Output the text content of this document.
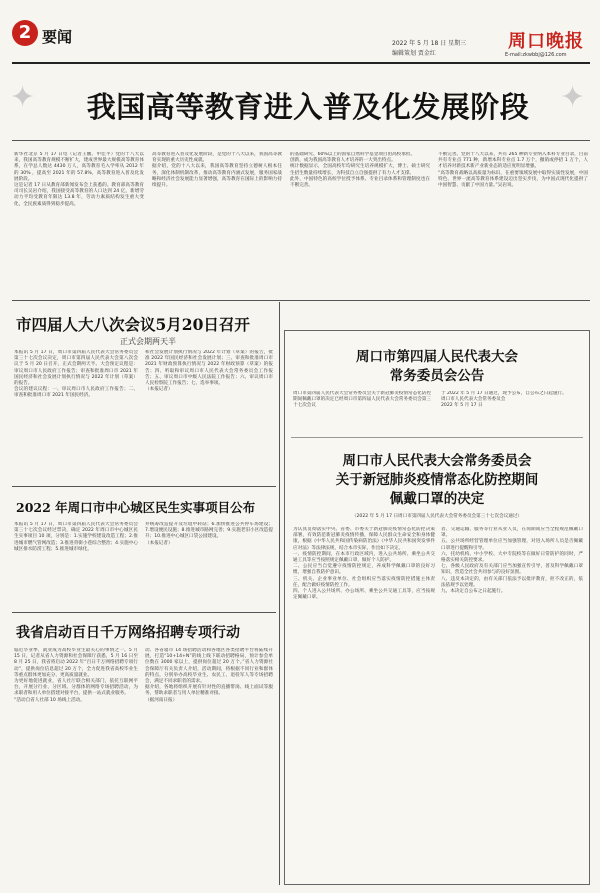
2 要闻	2022 年 5 月 18 日 星期三
编辑策划 贾金红
周口晚报
E-mail:zkwbbj@126.com
✦	✦
我国高等教育进入普及化发展阶段
新华社北京 5 月 17 日电（记者王鹏、申佳平）党的十八大以来，我国高等教育规模不断扩大，建成世界最大规模高等教育体系，在学总人数达 4430 万人，高等教育毛入学率从 2012 年的 30% ，提高至 2021 年的 57.8%，高等教育进入普及化发展阶段。
这是记者 17 日从教育部新闻发布会上获悉的。教育部高等教育司司长吴岩介绍，我国接受高等教育的人口达到 24 亿，新增劳动力平均受教育年限达 13.8 年，劳动力素质结构发生重大变化，全民族素质得到稳步提高。
高等教育进入普及化发展阶段，是党的十八大以来，我国高等教育实现的重大历史性成就。
据介绍，党的十八大以来，我国高等教育坚持立德树人根本任务，深化体制机制改革，推动高等教育内涵式发展，服务国家战略和经济社会发展能力显著增强，高等教育在国际上的影响力持续提升。
的基础研究、60%以上的国家自然科学基金项目由高校承担。
创新，成为我国高等教育人才培养的一大突出特点。
统计数据显示，全国高校年均研究生培养规模扩大，博士、硕士研究生招生数量持续增长，为科技自立自强提供了有力人才支撑。
此外，中国特色的高校学位授予体系、专业目录体系和管理制度也在不断完善。
不断完善。党的十八大以来，共有 265 种新专业纳入本科专业目录，目前共有专业点 771 种，新增本科专业点 1.7 万个，撤销或停招 1 万个，人才培养对新技术新产业新业态的适应度明显增强。
“高等教育战略以高质量为标识，在重要领域发展中取得实质性发展，中国特色、世界一流高等教育体系建设迈出坚实步伐，为中国式现代化提供了中国智慧、贡献了中国力量。”吴岩说。
市四届人大八次会议5月20日召开
正式会期两天半
本报讯 5 月 17 日，周口市第四届人民代表大会常务委员会第三十七次会议决定，周口市第四届人民代表大会第八次会议于 5 月 20 日召开，正式会期两天半。大会预定议程是：审议周口市人民政府工作报告；审查和批准周口市 2021 年国民经济和社会发展计划执行情况与 2022 年计划（草案）的报告。
会议的建议议程：一、审议周口市人民政府工作报告；二、审查和批准周口市 2021 年国民经济。
和社会发展计划执行情况与 2022 年计划（草案）的报告，批准 2022 年国民经济和社会发展计划；三、审查和批准周口市 2021 年财政预算执行情况与 2022 年财政预算（草案）的报告；四、听取和审议周口市人民代表大会常务委员会工作报告；五、审议周口市中级人民法院工作报告；六、审议周口市人民检察院工作报告；七、选举事项。
（本报记者）
2022 年周口市中心城区民生实事项目公布
本报讯 5 月 17 日，周口市第四届人民代表大会常务委员会第三十七次会议经过票决，确定 2022 年周口市中心城区民生实事项目 10 项，分别是：1.实施学校建设改造工程；2.推进城市燃气管网改造；3.推进背街小巷综合整治；4.实施中心城区排水防涝工程；5.推进城市绿化。
并统筹改造提升及垃圾中转站；6.加快推进公共停车场建设；7.增设便民设施；8.推进城市路网完善；9.实施老旧小区改造提升；10.推进中心城区口袋公园建设。
（本报记者）
我省启动百日千万网络招聘专项行动
临近毕业季，就业成为高校毕业生最关心的事情之一。5 月 15 日，记者从省人力资源和社会保障厅获悉，5 月 16 日至 8 月 25 日，我省将启动 2022 年“百日千万网络招聘专项行动”，提供岗位信息超过 20 万个，全力促进我省高校毕业生等重点群体更加充分、更高质量就业。
为更好地促进就业，省人社厅联合相关部门，依托互联网平台，开展分行业、分区域、分群体的网络专场招聘活动，为求职者和用人单位搭建对接平台，提供一站式就业服务。
“活动自省人社部 10 场线上活动。
动、各省辖市 14 场招聘活动和各地区各类招聘平台将陆续开展，打造“10+14+N”的线上线下联动招聘格局，预计参会单位数在 3000 家以上，提供岗位超过 20 万个。”省人力资源社会保障厅有关负责人介绍，活动期间，将根据不同行业和群体的特点，分别举办高校毕业生、农民工、退役军人等专场招聘会，满足不同求职者的需求。
据介绍，各地将组织开展有针对性的直播带岗、线上面试等服务，帮助求职者与用人单位精准对接。
（据河南日报）
周口市第四届人民代表大会
常务委员会公告
周口市第四届人民代表大会常务委员会关于新冠肺炎疫情常态化防控期间佩戴口罩的决定已经周口市第四届人民代表大会常务委员会第三十七次会议
于 2022 年 5 月 17 日通过，现予公布，自公布之日起施行。
周口市人民代表大会常务委员会
2022 年 5 月 17 日
周口市人民代表大会常务委员会
关于新冠肺炎疫情常态化防控期间
佩戴口罩的决定
（2022 年 5 月 17 日周口市第四届人民代表大会常务委员会第三十七次会议通过）
为认真贯彻落实中央、省委、市委关于新冠肺炎疫情常态化防控决策部署，有效防范新冠肺炎疫情传播，保障人民群众生命安全和身体健康，根据《中华人民共和国传染病防治法》《中华人民共和国突发事件应对法》等法律法规，结合本市实际，作出如下决定。
一、疫情防控期间，在本市行政区域内，进入公共场所、乘坐公共交通工具等应当按照规定佩戴口罩，做好个人防护。
二、公民应当自觉遵守疫情防控规定，养成科学佩戴口罩的良好习惯，增强自我防护意识。
三、机关、企业事业单位、社会组织应当落实疫情防控措施主体责任，配合做好疫情防控工作。
四、个人进入公共场所、办公场所、乘坐公共交通工具等，应当按规定佩戴口罩。
者、交通运输、服务等行业从业人员，在岗期间应当全程规范佩戴口罩。
五、公共场所经营管理单位应当加强管理，对进入场所人员是否佩戴口罩进行提醒和引导。
六、托幼机构、中小学校、大中专院校等在做好日常防护的同时，严格落实相关防控要求。
七、各级人民政府及有关部门应当加强宣传引导，普及科学佩戴口罩知识，营造全社会共同参与的良好氛围。
八、违反本决定的，由有关部门依法予以批评教育，拒不改正的，依法依规予以处理。
九、本决定自公布之日起施行。
